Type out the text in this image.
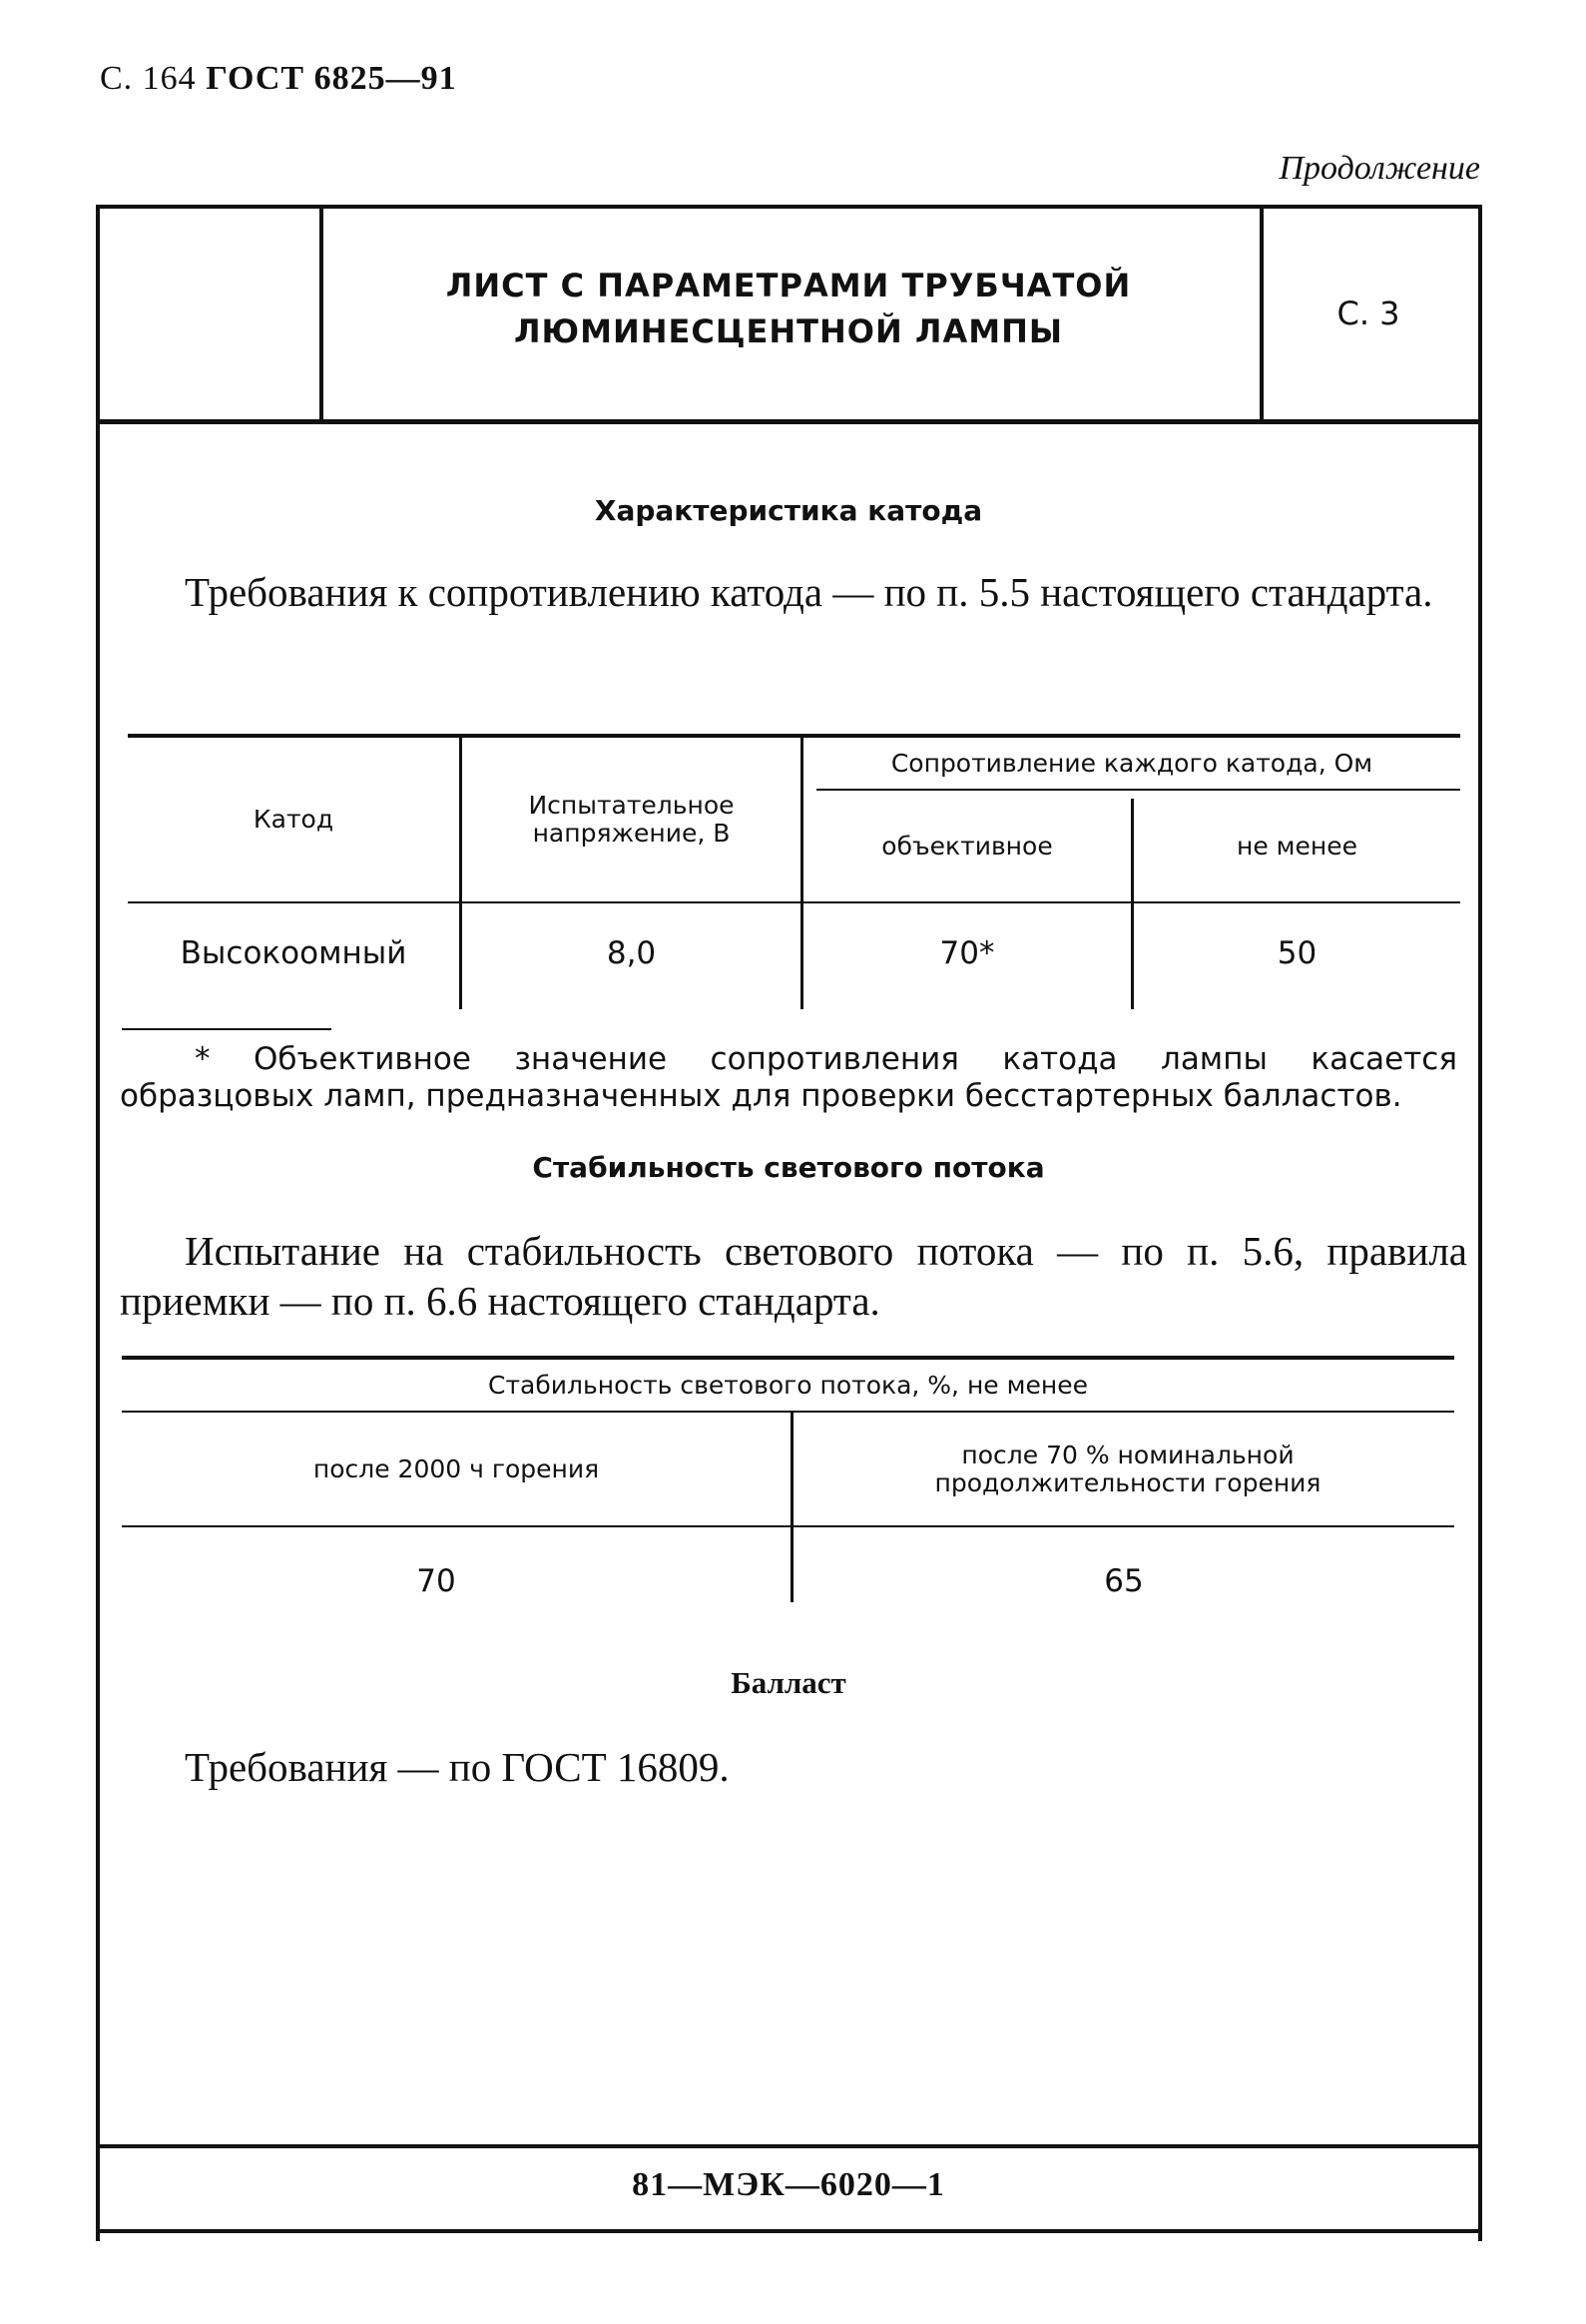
С. 164 ГОСТ 6825—91
Продолжение
ЛИСТ С ПАРАМЕТРАМИ ТРУБЧАТОЙ
ЛЮМИНЕСЦЕНТНОЙ ЛАМПЫ	С. 3
Характеристика катода
Требования к сопротивлению катода — по п. 5.5 настоящего стандарта.
Катод	Испытательное напряжение, В
Сопротивление каждого катода, Ом
объективное	не менее
Высокоомный	8,0	70*	50
* Объективное значение сопротивления катода лампы касается образцовых ламп, предназначенных для проверки бесстартерных балластов.
Стабильность светового потока
Испытание на стабильность светового потока — по п. 5.6, правила приемки — по п. 6.6 настоящего стандарта.
Стабильность светового потока, %, не менее
после 2000 ч горения	после 70 % номинальной продолжительности горения
70	65
Балласт
Требования — по ГОСТ 16809.
81—МЭК—6020—1
